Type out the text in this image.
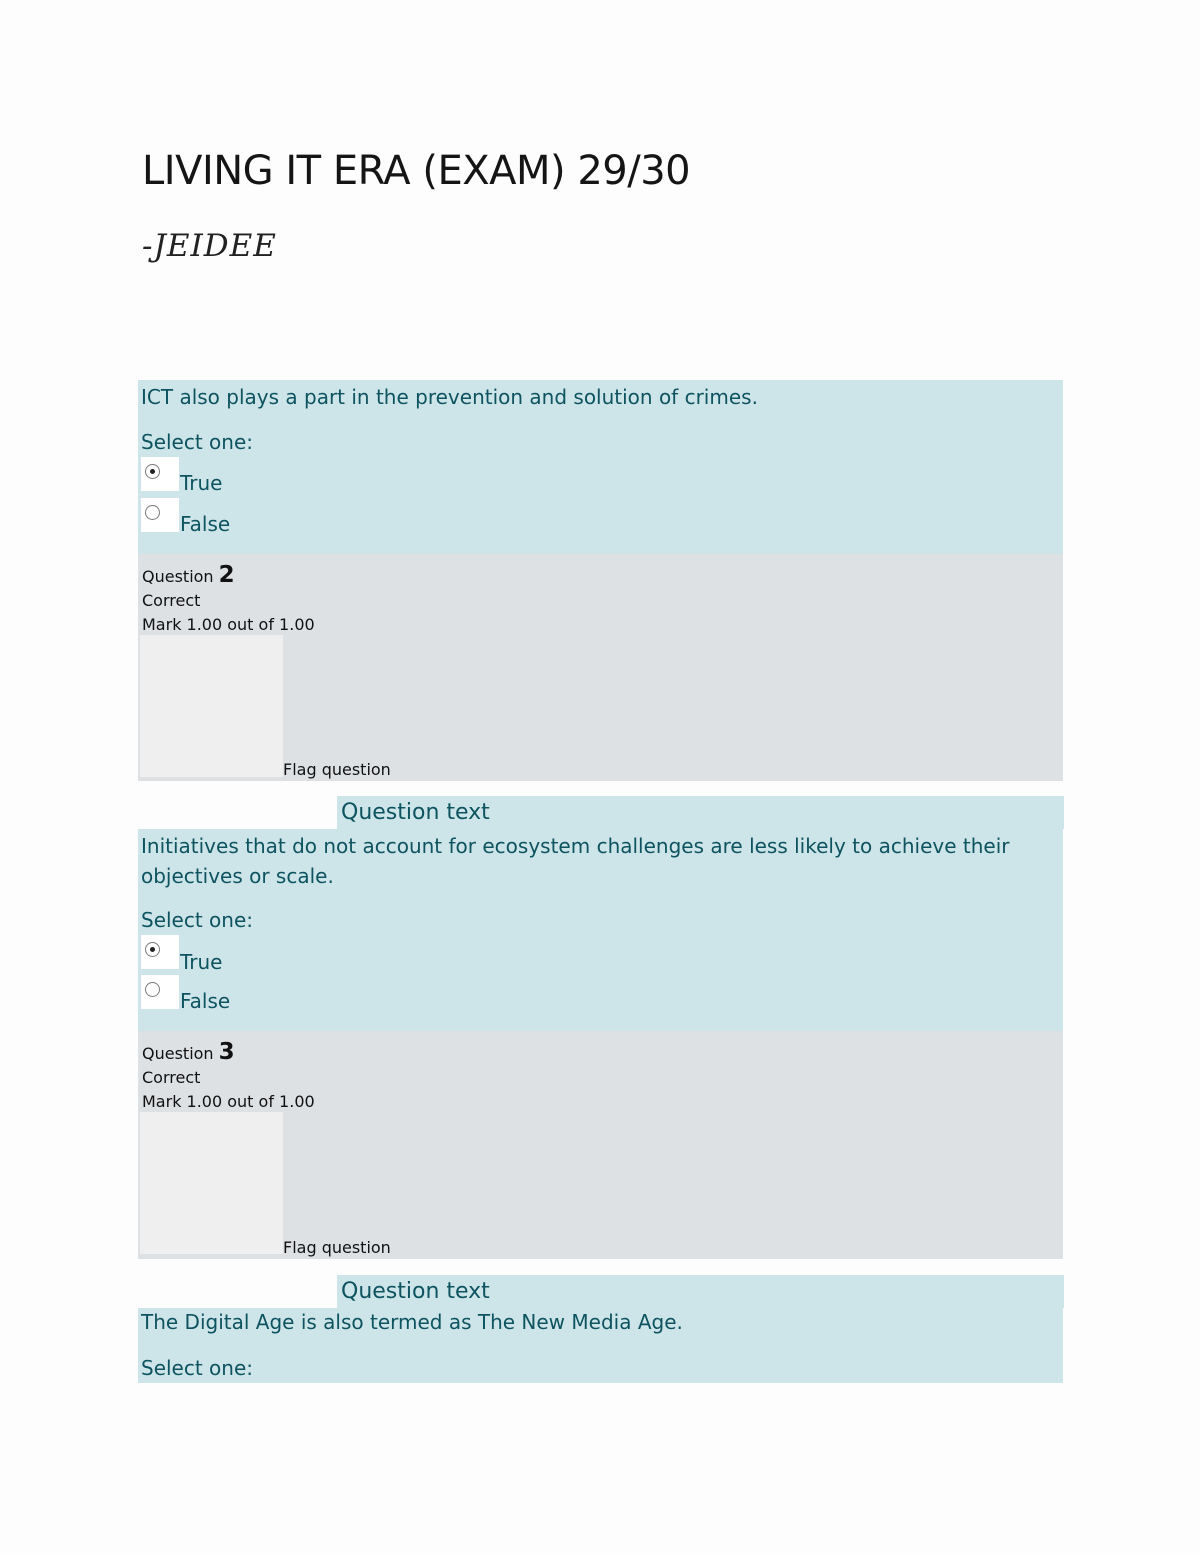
LIVING IT ERA (EXAM) 29/30
-JEIDEE
ICT also plays a part in the prevention and solution of crimes.
Select one:
True
False
Question 2
Correct
Mark 1.00 out of 1.00
Flag question
Question text
Initiatives that do not account for ecosystem challenges are less likely to achieve their objectives or scale.
Select one:
True
False
Question 3
Correct
Mark 1.00 out of 1.00
Flag question
Question text
The Digital Age is also termed as The New Media Age.
Select one:
